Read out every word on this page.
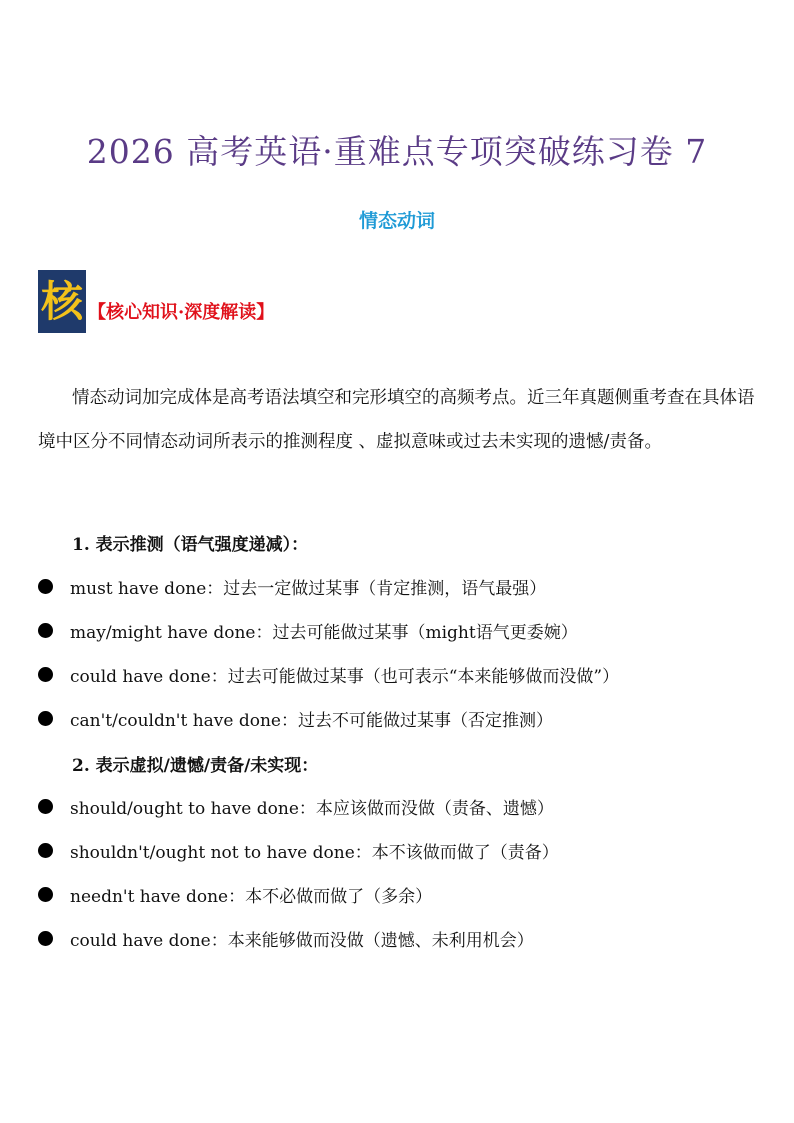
2026 高考英语·重难点专项突破练习卷 7
情态动词
核 【核心知识·深度解读】

情态动词加完成体是高考语法填空和完形填空的高频考点。近三年真题侧重考查在具体语境中区分不同情态动词所表示的推测程度 、虚拟意味或过去未实现的遗憾/责备。

1. 表示推测（语气强度递减）：
must have done：过去一定做过某事（肯定推测，语气最强）
may/might have done：过去可能做过某事（might语气更委婉）
could have done：过去可能做过某事（也可表示“本来能够做而没做”）
can't/couldn't have done：过去不可能做过某事（否定推测）
2. 表示虚拟/遗憾/责备/未实现：
should/ought to have done：本应该做而没做（责备、遗憾）
shouldn't/ought not to have done：本不该做而做了（责备）
needn't have done：本不必做而做了（多余）
could have done：本来能够做而没做（遗憾、未利用机会）
